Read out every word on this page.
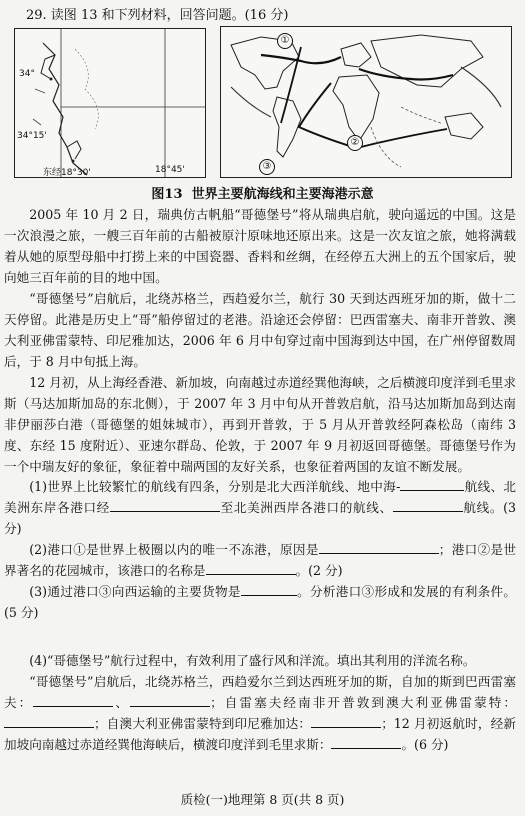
29. 读图 13 和下列材料，回答问题。(16 分)
34°
34°15'
东经18°30'	18°45'
①
②
③
图13 世界主要航海线和主要海港示意

2005 年 10 月 2 日，瑞典仿古帆船“哥德堡号”将从瑞典启航，驶向遥远的中国。这是一次浪漫之旅，一艘三百年前的古船被原汁原味地还原出来。这是一次友谊之旅，她将满载着从她的原型母船中打捞上来的中国瓷器、香料和丝绸，在经停五大洲上的五个国家后，驶向她三百年前的目的地中国。

“哥德堡号”启航后，北绕苏格兰，西趋爱尔兰，航行 30 天到达西班牙加的斯，做十二天停留。此港是历史上“哥”船停留过的老港。沿途还会停留：巴西雷塞夫、南非开普敦、澳大利亚佛雷蒙特、印尼雅加达，2006 年 6 月中旬穿过南中国海到达中国，在广州停留数周后，于 8 月中旬抵上海。

12 月初，从上海经香港、新加坡，向南越过赤道经巽他海峡，之后横渡印度洋到毛里求斯（马达加斯加岛的东北侧），于 2007 年 3 月中旬从开普敦启航，沿马达加斯加岛到达南非伊丽莎白港（哥德堡的姐妹城市），再到开普敦，于 5 月从开普敦经阿森松岛（南纬 3 度、东经 15 度附近）、亚速尔群岛、伦敦，于 2007 年 9 月初返回哥德堡。哥德堡号作为一个中瑞友好的象征，象征着中瑞两国的友好关系，也象征着两国的友谊不断发展。

(1)世界上比较繁忙的航线有四条，分别是北大西洋航线、地中海-	航线、北美洲东岸各港口经	至北美洲西岸各港口的航线、	航线。(3 分)

(2)港口①是世界上极圈以内的唯一不冻港，原因是	；港口②是世界著名的花园城市，该港口的名称是	。(2 分)

(3)通过港口③向西运输的主要货物是	。分析港口③形成和发展的有利条件。(5 分)

(4)“哥德堡号”航行过程中，有效利用了盛行风和洋流。填出其利用的洋流名称。

“哥德堡号”启航后，北绕苏格兰，西趋爱尔兰到达西班牙加的斯，自加的斯到巴西雷塞夫：	、	；自雷塞夫经南非开普敦到澳大利亚佛雷蒙特：；自澳大利亚佛雷蒙特到印尼雅加达：	；12 月初返航时，经新加坡向南越过赤道经巽他海峡后，横渡印度洋到毛里求斯：	。(6 分)

质检(一)地理第 8 页(共 8 页)
